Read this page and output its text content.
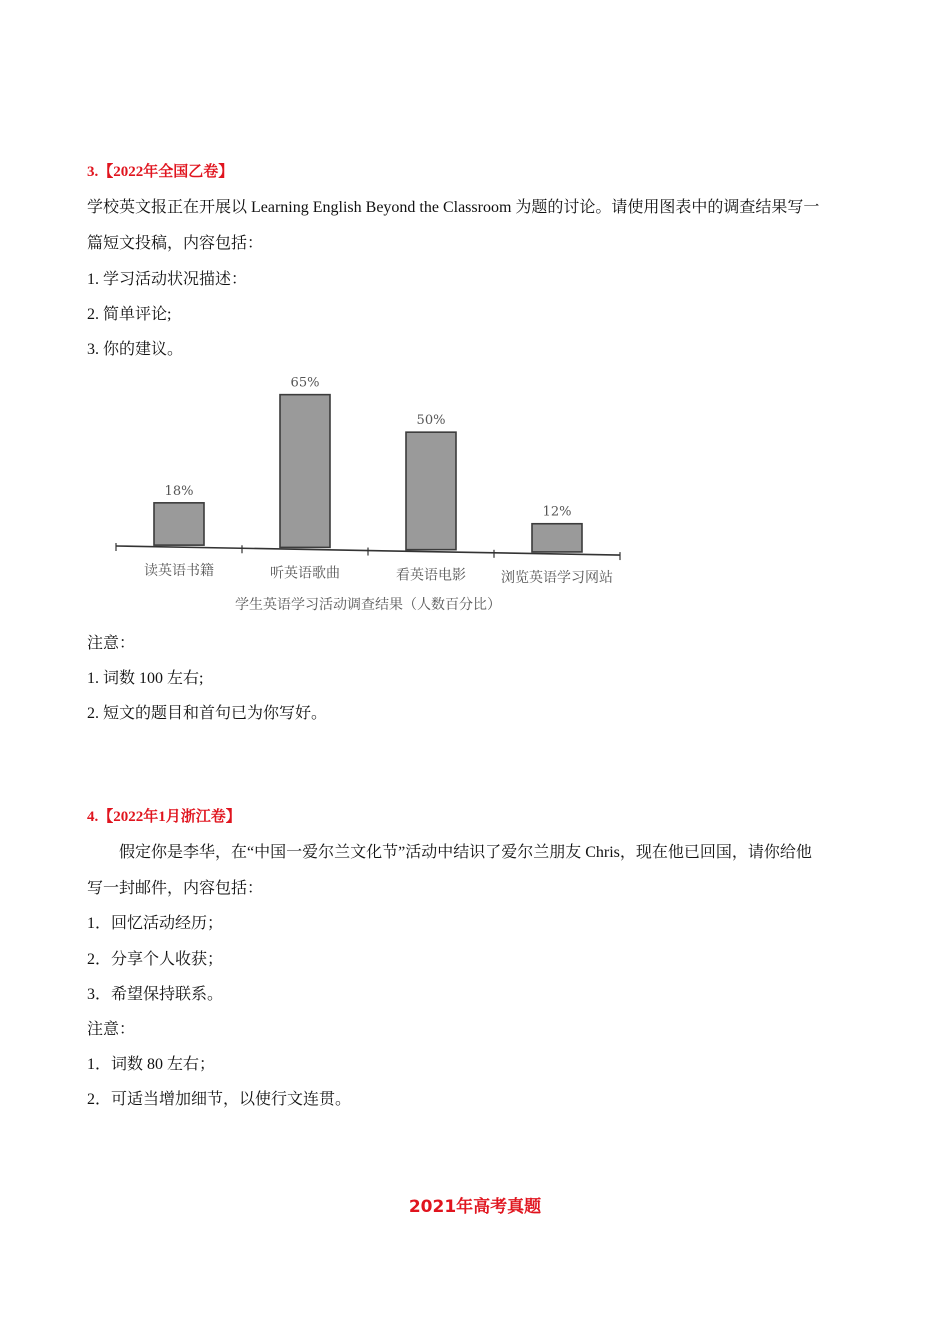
3.【2022年全国乙卷】
学校英文报正在开展以 Learning English Beyond the Classroom 为题的讨论。请使用图表中的调查结果写一
篇短文投稿，内容包括：
1. 学习活动状况描述：
2. 简单评论;
3. 你的建议。
18%
读英语书籍
65%
听英语歌曲
50%
看英语电影
12%
浏览英语学习网站
学生英语学习活动调查结果（人数百分比）
注意：
1. 词数 100 左右;
2. 短文的题目和首句已为你写好。
4.【2022年1月浙江卷】
假定你是李华，在“中国一爱尔兰文化节”活动中结识了爱尔兰朋友 Chris，现在他已回国，请你给他
写一封邮件，内容包括：
1．回忆活动经历；
2．分享个人收获；
3．希望保持联系。
注意：
1．词数 80 左右；
2．可适当增加细节，以使行文连贯。
2021年高考真题
